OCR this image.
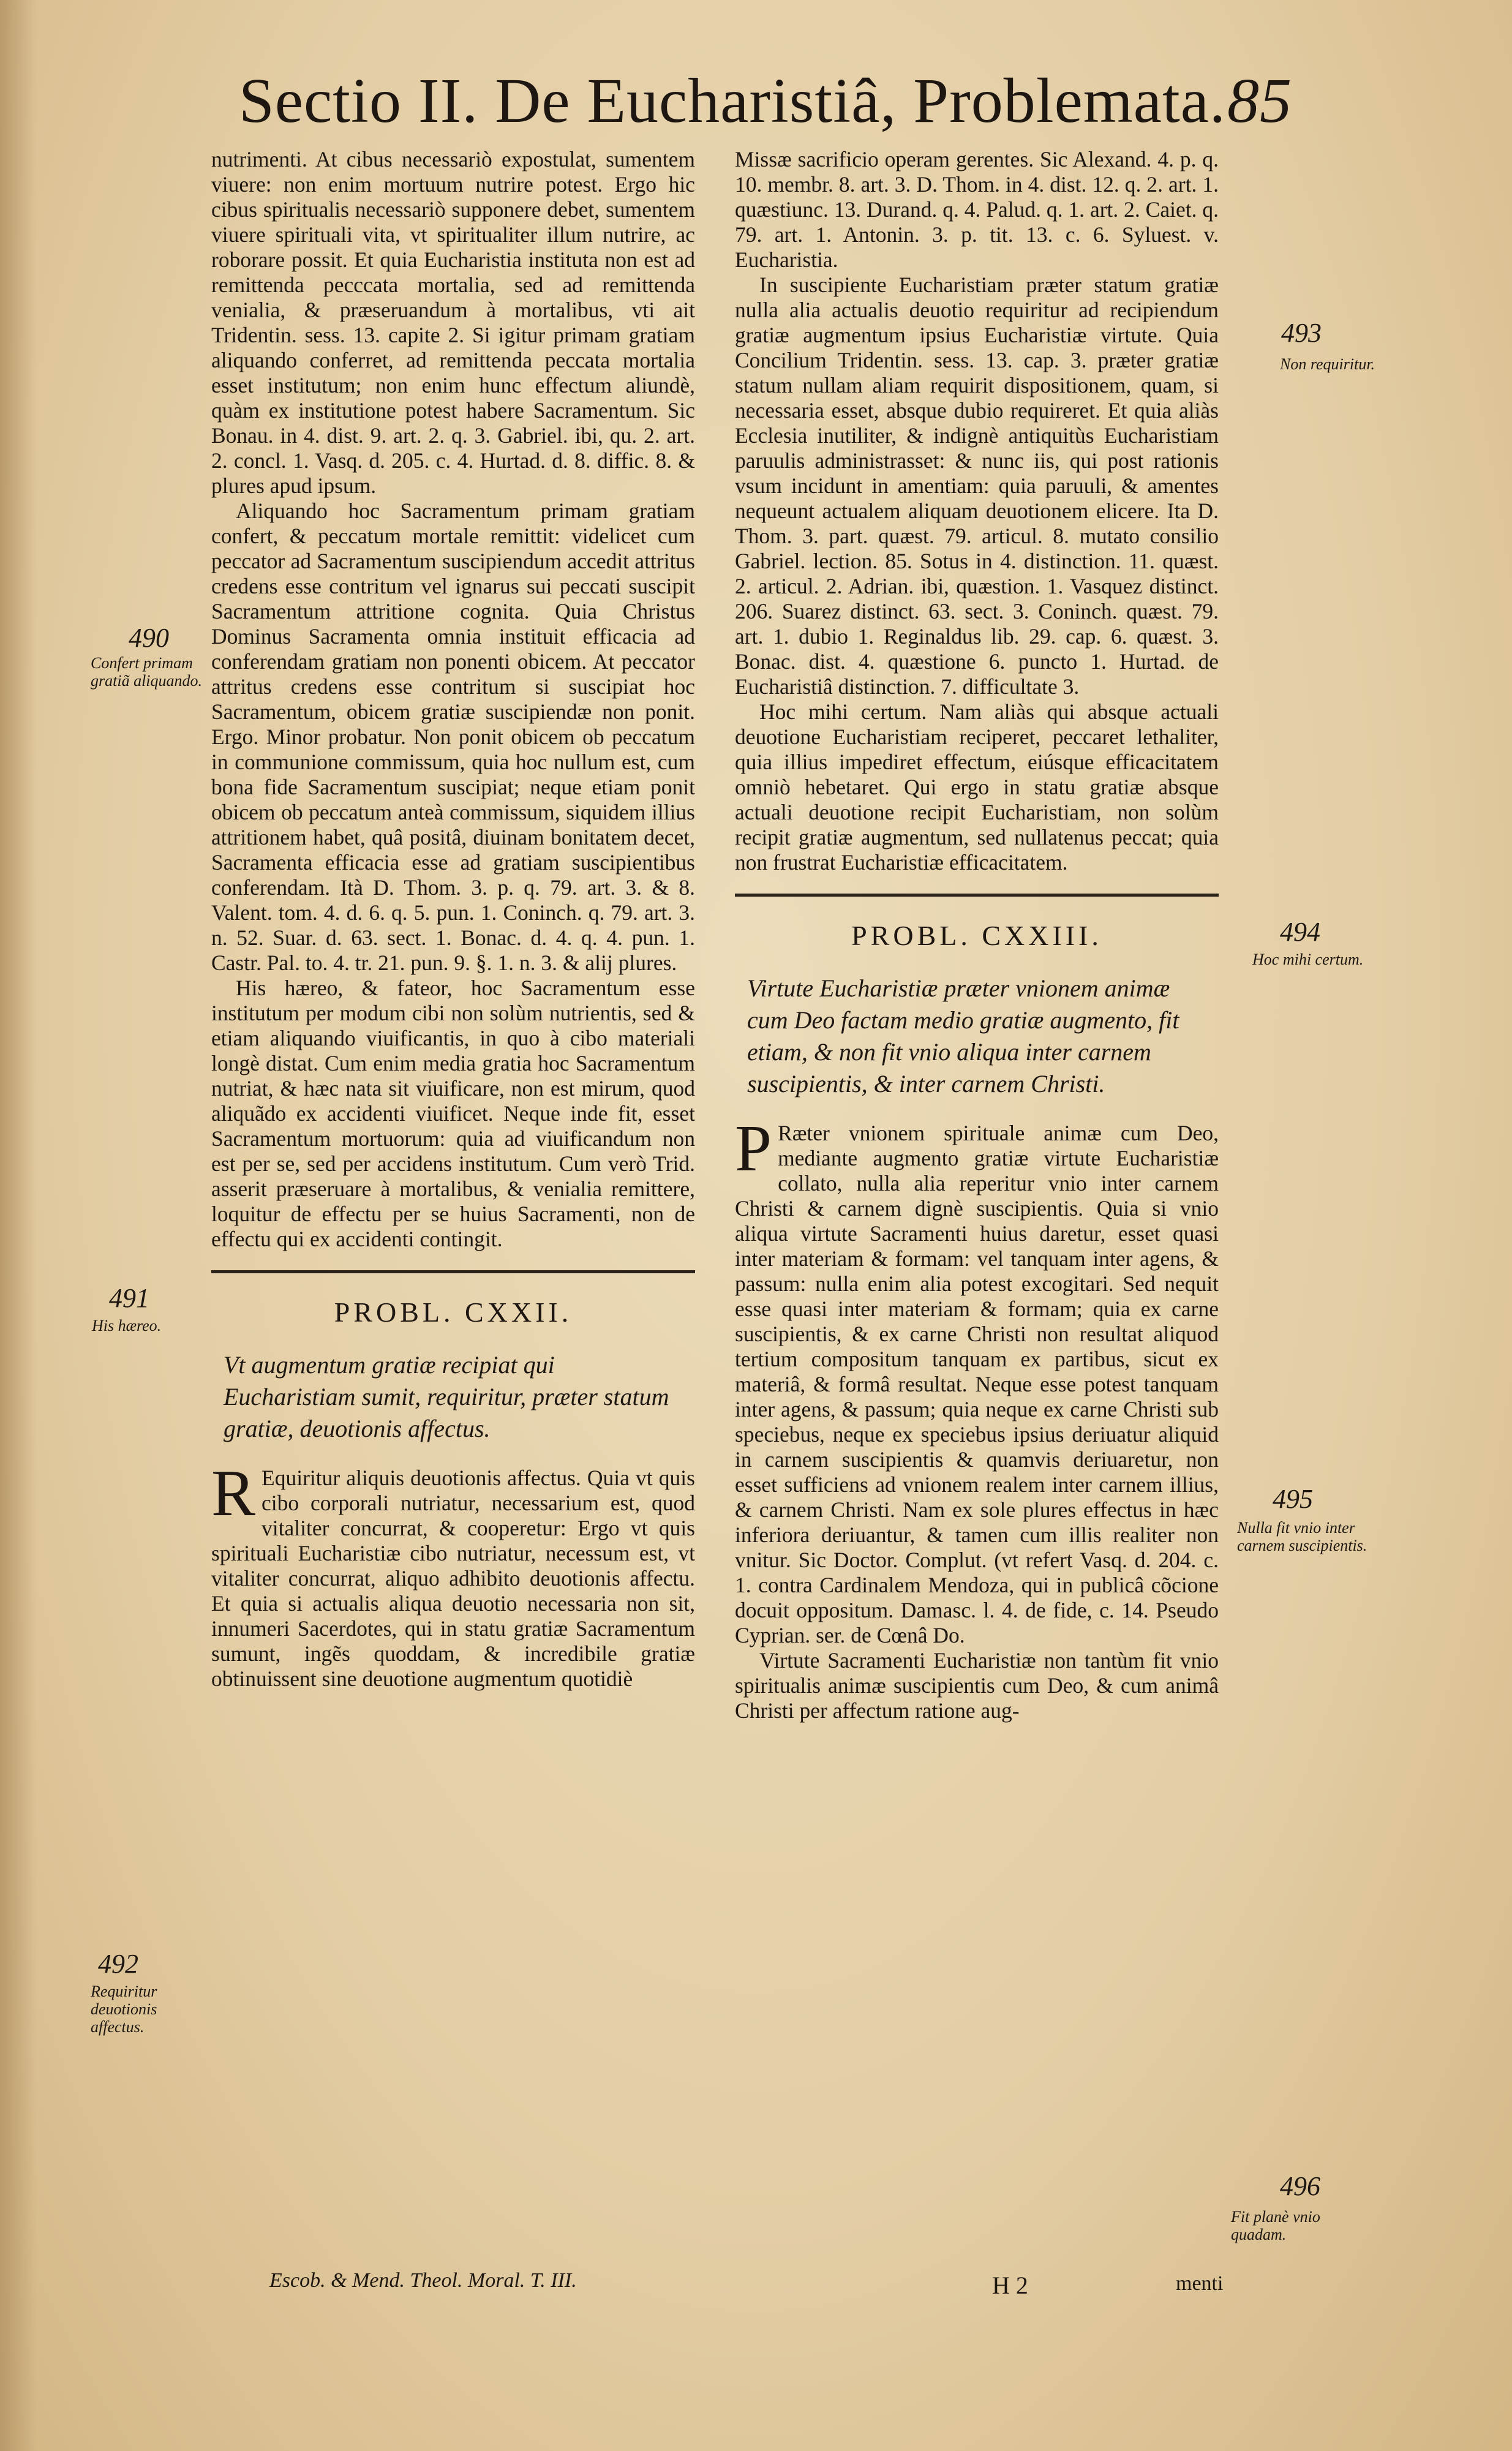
Sectio II. De Eucharistiâ, Problemata. 85

nutrimenti. At cibus necessariò expostulat, sumentem viuere: non enim mortuum nutrire potest. Ergo hic cibus spiritualis necessariò supponere debet, sumentem viuere spirituali vita, vt spiritualiter illum nutrire, ac roborare possit. Et quia Eucharistia instituta non est ad remittenda pecccata mortalia, sed ad remittenda venialia, & præseruandum à mortalibus, vti ait Tridentin. sess. 13. capite 2. Si igitur primam gratiam aliquando conferret, ad remittenda peccata mortalia esset institutum; non enim hunc effectum aliundè, quàm ex institutione potest habere Sacramentum. Sic Bonau. in 4. dist. 9. art. 2. q. 3. Gabriel. ibi, qu. 2. art. 2. concl. 1. Vasq. d. 205. c. 4. Hurtad. d. 8. diffic. 8. & plures apud ipsum.

Aliquando hoc Sacramentum primam gratiam confert, & peccatum mortale remittit: videlicet cum peccator ad Sacramentum suscipiendum accedit attritus credens esse contritum vel ignarus sui peccati suscipit Sacramentum attritione cognita. Quia Christus Dominus Sacramenta omnia instituit efficacia ad conferendam gratiam non ponenti obicem. At peccator attritus credens esse contritum si suscipiat hoc Sacramentum, obicem gratiæ suscipiendæ non ponit. Ergo. Minor probatur. Non ponit obicem ob peccatum in communione commissum, quia hoc nullum est, cum bona fide Sacramentum suscipiat; neque etiam ponit obicem ob peccatum anteà commissum, siquidem illius attritionem habet, quâ positâ, diuinam bonitatem decet, Sacramenta efficacia esse ad gratiam suscipientibus conferendam. Ità D. Thom. 3. p. q. 79. art. 3. & 8. Valent. tom. 4. d. 6. q. 5. pun. 1. Coninch. q. 79. art. 3. n. 52. Suar. d. 63. sect. 1. Bonac. d. 4. q. 4. pun. 1. Castr. Pal. to. 4. tr. 21. pun. 9. §. 1. n. 3. & alij plures.

His hæreo, & fateor, hoc Sacramentum esse institutum per modum cibi non solùm nutrientis, sed & etiam aliquando viuificantis, in quo à cibo materiali longè distat. Cum enim media gratia hoc Sacramentum nutriat, & hæc nata sit viuificare, non est mirum, quod aliquãdo ex accidenti viuificet. Neque inde fit, esset Sacramentum mortuorum: quia ad viuificandum non est per se, sed per accidens institutum. Cum verò Trid. asserit præseruare à mortalibus, & venialia remittere, loquitur de effectu per se huius Sacramenti, non de effectu qui ex accidenti contingit.

PROBL. CXXII.
Vt augmentum gratiæ recipiat qui Eucharistiam sumit, requiritur, præter statum gratiæ, deuotionis affectus.

R Equiritur aliquis deuotionis affectus. Quia vt quis cibo corporali nutriatur, necessarium est, quod vitaliter concurrat, & cooperetur: Ergo vt quis spirituali Eucharistiæ cibo nutriatur, necessum est, vt vitaliter concurrat, aliquo adhibito deuotionis affectu. Et quia si actualis aliqua deuotio necessaria non sit, innumeri Sacerdotes, qui in statu gratiæ Sacramentum sumunt, ingẽs quoddam, & incredibile gratiæ obtinuissent sine deuotione augmentum quotidiè

Missæ sacrificio operam gerentes. Sic Alexand. 4. p. q. 10. membr. 8. art. 3. D. Thom. in 4. dist. 12. q. 2. art. 1. quæstiunc. 13. Durand. q. 4. Palud. q. 1. art. 2. Caiet. q. 79. art. 1. Antonin. 3. p. tit. 13. c. 6. Syluest. v. Eucharistia.

In suscipiente Eucharistiam præter statum gratiæ nulla alia actualis deuotio requiritur ad recipiendum gratiæ augmentum ipsius Eucharistiæ virtute. Quia Concilium Tridentin. sess. 13. cap. 3. præter gratiæ statum nullam aliam requirit dispositionem, quam, si necessaria esset, absque dubio requireret. Et quia aliàs Ecclesia inutiliter, & indignè antiquitùs Eucharistiam paruulis administrasset: & nunc iis, qui post rationis vsum incidunt in amentiam: quia paruuli, & amentes nequeunt actualem aliquam deuotionem elicere. Ita D. Thom. 3. part. quæst. 79. articul. 8. mutato consilio Gabriel. lection. 85. Sotus in 4. distinction. 11. quæst. 2. articul. 2. Adrian. ibi, quæstion. 1. Vasquez distinct. 206. Suarez distinct. 63. sect. 3. Coninch. quæst. 79. art. 1. dubio 1. Reginaldus lib. 29. cap. 6. quæst. 3. Bonac. dist. 4. quæstione 6. puncto 1. Hurtad. de Eucharistiâ distinction. 7. difficultate 3.

Hoc mihi certum. Nam aliàs qui absque actuali deuotione Eucharistiam reciperet, peccaret lethaliter, quia illius impediret effectum, eiúsque efficacitatem omniò hebetaret. Qui ergo in statu gratiæ absque actuali deuotione recipit Eucharistiam, non solùm recipit gratiæ augmentum, sed nullatenus peccat; quia non frustrat Eucharistiæ efficacitatem.

PROBL. CXXIII.
Virtute Eucharistiæ præter vnionem animæ cum Deo factam medio gratiæ augmento, fit etiam, & non fit vnio aliqua inter carnem suscipientis, & inter carnem Christi.

P Ræter vnionem spirituale animæ cum Deo, mediante augmento gratiæ virtute Eucharistiæ collato, nulla alia reperitur vnio inter carnem Christi & carnem dignè suscipientis. Quia si vnio aliqua virtute Sacramenti huius daretur, esset quasi inter materiam & formam: vel tanquam inter agens, & passum: nulla enim alia potest excogitari. Sed nequit esse quasi inter materiam & formam; quia ex carne suscipientis, & ex carne Christi non resultat aliquod tertium compositum tanquam ex partibus, sicut ex materiâ, & formâ resultat. Neque esse potest tanquam inter agens, & passum; quia neque ex carne Christi sub speciebus, neque ex speciebus ipsius deriuatur aliquid in carnem suscipientis & quamvis deriuaretur, non esset sufficiens ad vnionem realem inter carnem illius, & carnem Christi. Nam ex sole plures effectus in hæc inferiora deriuantur, & tamen cum illis realiter non vnitur. Sic Doctor. Complut. (vt refert Vasq. d. 204. c. 1. contra Cardinalem Mendoza, qui in publicâ cõcione docuit oppositum. Damasc. l. 4. de fide, c. 14. Pseudo Cyprian. ser. de Cœnâ Do.

Virtute Sacramenti Eucharistiæ non tantùm fit vnio spiritualis animæ suscipientis cum Deo, & cum animâ Christi per affectum ratione aug-

490
Confert primam gratiã aliquando.
491
His hæreo.
492
Requiritur deuotionis affectus.
493
Non requiritur.
494
Hoc mihi certum.
495
Nulla fit vnio inter carnem suscipientis.
496
Fit planè vnio quadam.
Escob. & Mend. Theol. Moral. T. III.	H 2	menti
